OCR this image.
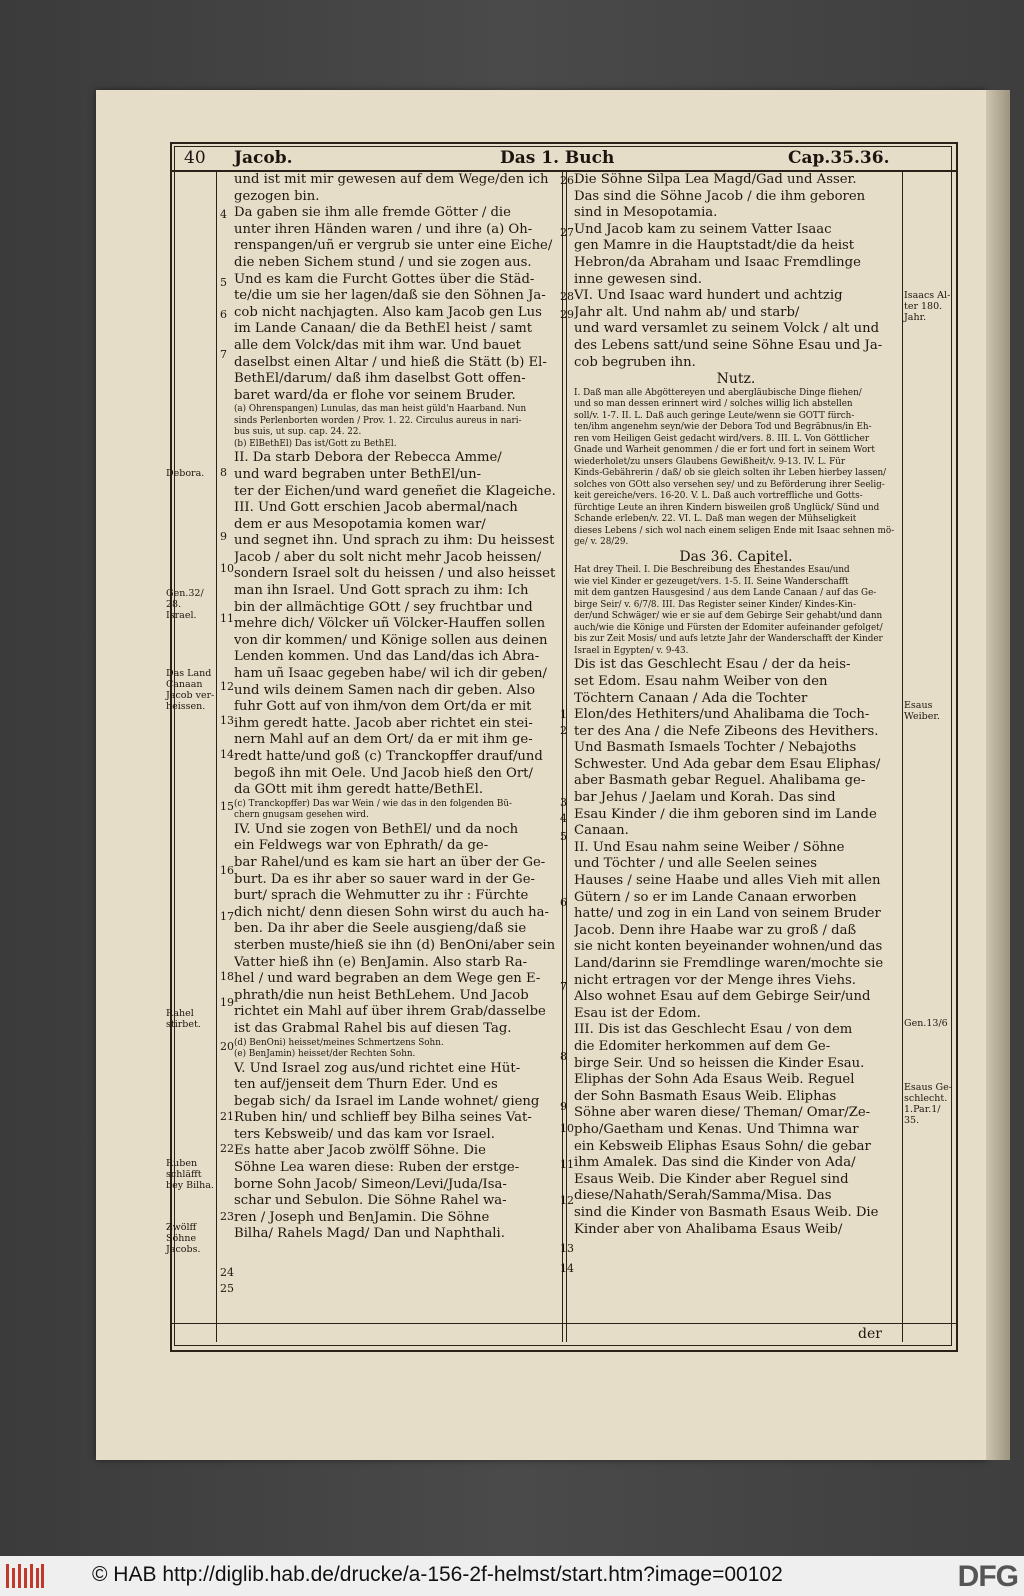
40 Jacob.	Das 1. Buch	Cap.35.36.

und ist mit mir gewesen auf dem Wege/den ich

gezogen bin.

Da gaben sie ihm alle fremde Götter / die

unter ihren Händen waren / und ihre (a) Oh-

renspangen/uñ er vergrub sie unter eine Eiche/

die neben Sichem stund / und sie zogen aus.

Und es kam die Furcht Gottes über die Städ-

te/die um sie her lagen/daß sie den Söhnen Ja-

cob nicht nachjagten. Also kam Jacob gen Lus

im Lande Canaan/ die da BethEl heist / samt

alle dem Volck/das mit ihm war. Und bauet

daselbst einen Altar / und hieß die Stätt (b) El-

BethEl/darum/ daß ihm daselbst Gott offen-

baret ward/da er flohe vor seinem Bruder.

(a) Ohrenspangen) Lunulas, das man heist güld'n Haarband. Nun

sinds Perlenborten worden / Prov. 1. 22. Circulus aureus in nari-

bus suis, ut sup. cap. 24. 22.

(b) ElBethEl) Das ist/Gott zu BethEl.

II. Da starb Debora der Rebecca Amme/

und ward begraben unter BethEl/un-

ter der Eichen/und ward geneñet die Klageiche.

III. Und Gott erschien Jacob abermal/nach

dem er aus Mesopotamia komen war/

und segnet ihn. Und sprach zu ihm: Du heissest

Jacob / aber du solt nicht mehr Jacob heissen/

sondern Israel solt du heissen / und also heisset

man ihn Israel. Und Gott sprach zu ihm: Ich

bin der allmächtige GOtt / sey fruchtbar und

mehre dich/ Völcker uñ Völcker-Hauffen sollen

von dir kommen/ und Könige sollen aus deinen

Lenden kommen. Und das Land/das ich Abra-

ham uñ Isaac gegeben habe/ wil ich dir geben/

und wils deinem Samen nach dir geben. Also

fuhr Gott auf von ihm/von dem Ort/da er mit

ihm geredt hatte. Jacob aber richtet ein stei-

nern Mahl auf an dem Ort/ da er mit ihm ge-

redt hatte/und goß (c) Tranckopffer drauf/und

begoß ihn mit Oele. Und Jacob hieß den Ort/

da GOtt mit ihm geredt hatte/BethEl.

(c) Tranckopffer) Das war Wein / wie das in den folgenden Bü-

chern gnugsam gesehen wird.

IV. Und sie zogen von BethEl/ und da noch

ein Feldwegs war von Ephrath/ da ge-

bar Rahel/und es kam sie hart an über der Ge-

burt. Da es ihr aber so sauer ward in der Ge-

burt/ sprach die Wehmutter zu ihr : Fürchte

dich nicht/ denn diesen Sohn wirst du auch ha-

ben. Da ihr aber die Seele ausgieng/daß sie

sterben muste/hieß sie ihn (d) BenOni/aber sein

Vatter hieß ihn (e) BenJamin. Also starb Ra-

hel / und ward begraben an dem Wege gen E-

phrath/die nun heist BethLehem. Und Jacob

richtet ein Mahl auf über ihrem Grab/dasselbe

ist das Grabmal Rahel bis auf diesen Tag.

(d) BenOni) heisset/meines Schmertzens Sohn.

(e) BenJamin) heisset/der Rechten Sohn.

V. Und Israel zog aus/und richtet eine Hüt-

ten auf/jenseit dem Thurn Eder. Und es

begab sich/ da Israel im Lande wohnet/ gieng

Ruben hin/ und schlieff bey Bilha seines Vat-

ters Kebsweib/ und das kam vor Israel.

Es hatte aber Jacob zwölff Söhne. Die

Söhne Lea waren diese: Ruben der erstge-

borne Sohn Jacob/ Simeon/Levi/Juda/Isa-

schar und Sebulon. Die Söhne Rahel wa-

ren / Joseph und BenJamin. Die Söhne

Bilha/ Rahels Magd/ Dan und Naphthali.

Die Söhne Silpa Lea Magd/Gad und Asser.

Das sind die Söhne Jacob / die ihm geboren

sind in Mesopotamia.

Und Jacob kam zu seinem Vatter Isaac

gen Mamre in die Hauptstadt/die da heist

Hebron/da Abraham und Isaac Fremdlinge

inne gewesen sind.

VI. Und Isaac ward hundert und achtzig

Jahr alt. Und nahm ab/ und starb/

und ward versamlet zu seinem Volck / alt und

des Lebens satt/und seine Söhne Esau und Ja-

cob begruben ihn.

Nutz.

I. Daß man alle Abgöttereyen und abergläubische Dinge fliehen/

und so man dessen erinnert wird / solches willig lich abstellen

soll/v. 1-7. II. L. Daß auch geringe Leute/wenn sie GOTT fürch-

ten/ihm angenehm seyn/wie der Debora Tod und Begräbnus/in Eh-

ren vom Heiligen Geist gedacht wird/vers. 8. III. L. Von Göttlicher

Gnade und Warheit genommen / die er fort und fort in seinem Wort

wiederholet/zu unsers Glaubens Gewißheit/v. 9-13. IV. L. Für

Kinds-Gebährerin / daß/ ob sie gleich solten ihr Leben hierbey lassen/

solches von GOtt also versehen sey/ und zu Beförderung ihrer Seelig-

keit gereiche/vers. 16-20. V. L. Daß auch vortreffliche und Gotts-

fürchtige Leute an ihren Kindern bisweilen groß Unglück/ Sünd und

Schande erleben/v. 22. VI. L. Daß man wegen der Mühseligkeit

dieses Lebens / sich wol nach einem seligen Ende mit Isaac sehnen mö-

ge/ v. 28/29.

Das 36. Capitel.

Hat drey Theil. I. Die Beschreibung des Ehestandes Esau/und

wie viel Kinder er gezeuget/vers. 1-5. II. Seine Wanderschafft

mit dem gantzen Hausgesind / aus dem Lande Canaan / auf das Ge-

birge Seir/ v. 6/7/8. III. Das Register seiner Kinder/ Kindes-Kin-

der/und Schwäger/ wie er sie auf dem Gebirge Seir gehabt/und dann

auch/wie die Könige und Fürsten der Edomiter aufeinander gefolget/

bis zur Zeit Mosis/ und aufs letzte Jahr der Wanderschafft der Kinder

Israel in Egypten/ v. 9-43.

Dis ist das Geschlecht Esau / der da heis-

set Edom. Esau nahm Weiber von den

Töchtern Canaan / Ada die Tochter

Elon/des Hethiters/und Ahalibama die Toch-

ter des Ana / die Nefe Zibeons des Hevithers.

Und Basmath Ismaels Tochter / Nebajoths

Schwester. Und Ada gebar dem Esau Eliphas/

aber Basmath gebar Reguel. Ahalibama ge-

bar Jehus / Jaelam und Korah. Das sind

Esau Kinder / die ihm geboren sind im Lande

Canaan.

II. Und Esau nahm seine Weiber / Söhne

und Töchter / und alle Seelen seines

Hauses / seine Haabe und alles Vieh mit allen

Gütern / so er im Lande Canaan erworben

hatte/ und zog in ein Land von seinem Bruder

Jacob. Denn ihre Haabe war zu groß / daß

sie nicht konten beyeinander wohnen/und das

Land/darinn sie Fremdlinge waren/mochte sie

nicht ertragen vor der Menge ihres Viehs.

Also wohnet Esau auf dem Gebirge Seir/und

Esau ist der Edom.

III. Dis ist das Geschlecht Esau / von dem

die Edomiter herkommen auf dem Ge-

birge Seir. Und so heissen die Kinder Esau.

Eliphas der Sohn Ada Esaus Weib. Reguel

der Sohn Basmath Esaus Weib. Eliphas

Söhne aber waren diese/ Theman/ Omar/Ze-

pho/Gaetham und Kenas. Und Thimna war

ein Kebsweib Eliphas Esaus Sohn/ die gebar

ihm Amalek. Das sind die Kinder von Ada/

Esaus Weib. Die Kinder aber Reguel sind

diese/Nahath/Serah/Samma/Misa. Das

sind die Kinder von Basmath Esaus Weib. Die

Kinder aber von Ahalibama Esaus Weib/

Debora.
Gen.32/
28.
Israel.
Das Land
Canaan
Jacob ver-
heissen.
Rahel
stirbet.
Ruben
schläfft
bey Bilha.
Zwölff
Söhne
Jacobs.
Isaacs Al-
ter 180.
Jahr.
Esaus
Weiber.
Gen.13/6
Esaus Ge-
schlecht.
1.Par.1/
35.
4
5
6
7
8
9
10
11
12
13
14
15
16
17
18
19
20
21
22
23
24
25
26
27
28
29
1
2
3
4
5
6
7
8
9
10
11
12
13
14
der
© HAB http://diglib.hab.de/drucke/a-156-2f-helmst/start.htm?image=00102	DFG
